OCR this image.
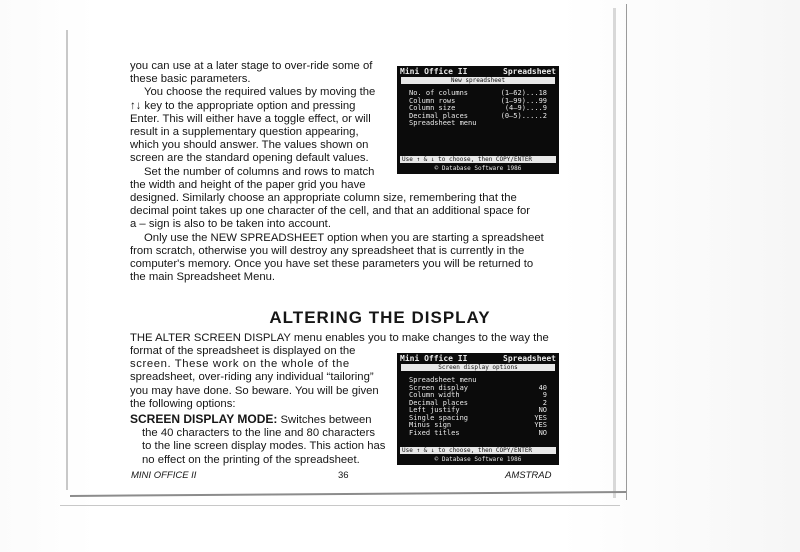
you can use at a later stage to over-ride some of
these basic parameters.
You choose the required values by moving the
↑↓ key to the appropriate option and pressing
Enter. This will either have a toggle effect, or will
result in a supplementary question appearing,
which you should answer. The values shown on
screen are the standard opening default values.
Set the number of columns and rows to match
the width and height of the paper grid you have
designed. Similarly choose an appropriate column size, remembering that the
decimal point takes up one character of the cell, and that an additional space for
a – sign is also to be taken into account.
Only use the NEW SPREADSHEET option when you are starting a spreadsheet
from scratch, otherwise you will destroy any spreadsheet that is currently in the
computer's memory. Once you have set these parameters you will be returned to
the main Spreadsheet Menu.
ALTERING THE DISPLAY
THE ALTER SCREEN DISPLAY menu enables you to make changes to the way the
format of the spreadsheet is displayed on the
screen. These work on the whole of the
spreadsheet, over-riding any individual “tailoring”
you may have done. So beware. You will be given
the following options:
SCREEN DISPLAY MODE: Switches between
the 40 characters to the line and 80 characters
to the line screen display modes. This action has
no effect on the printing of the spreadsheet.
MINI OFFICE II	36	AMSTRAD
Mini Office II	Spreadsheet
New spreadsheet
No. of columns	(1–62)...18
Column rows	(1–99)...99
Column size	(4–9)....9
Decimal places	(0–5).....2
Spreadsheet menu
Use ↑ & ↓ to choose, then COPY/ENTER
© Database Software 1986
Mini Office II	Spreadsheet
Screen display options
Spreadsheet menu
Screen display	40
Column width	9
Decimal places	2
Left justify	NO
Single spacing	YES
Minus sign	YES
Fixed titles	NO
Use ↑ & ↓ to choose, then COPY/ENTER
© Database Software 1986
